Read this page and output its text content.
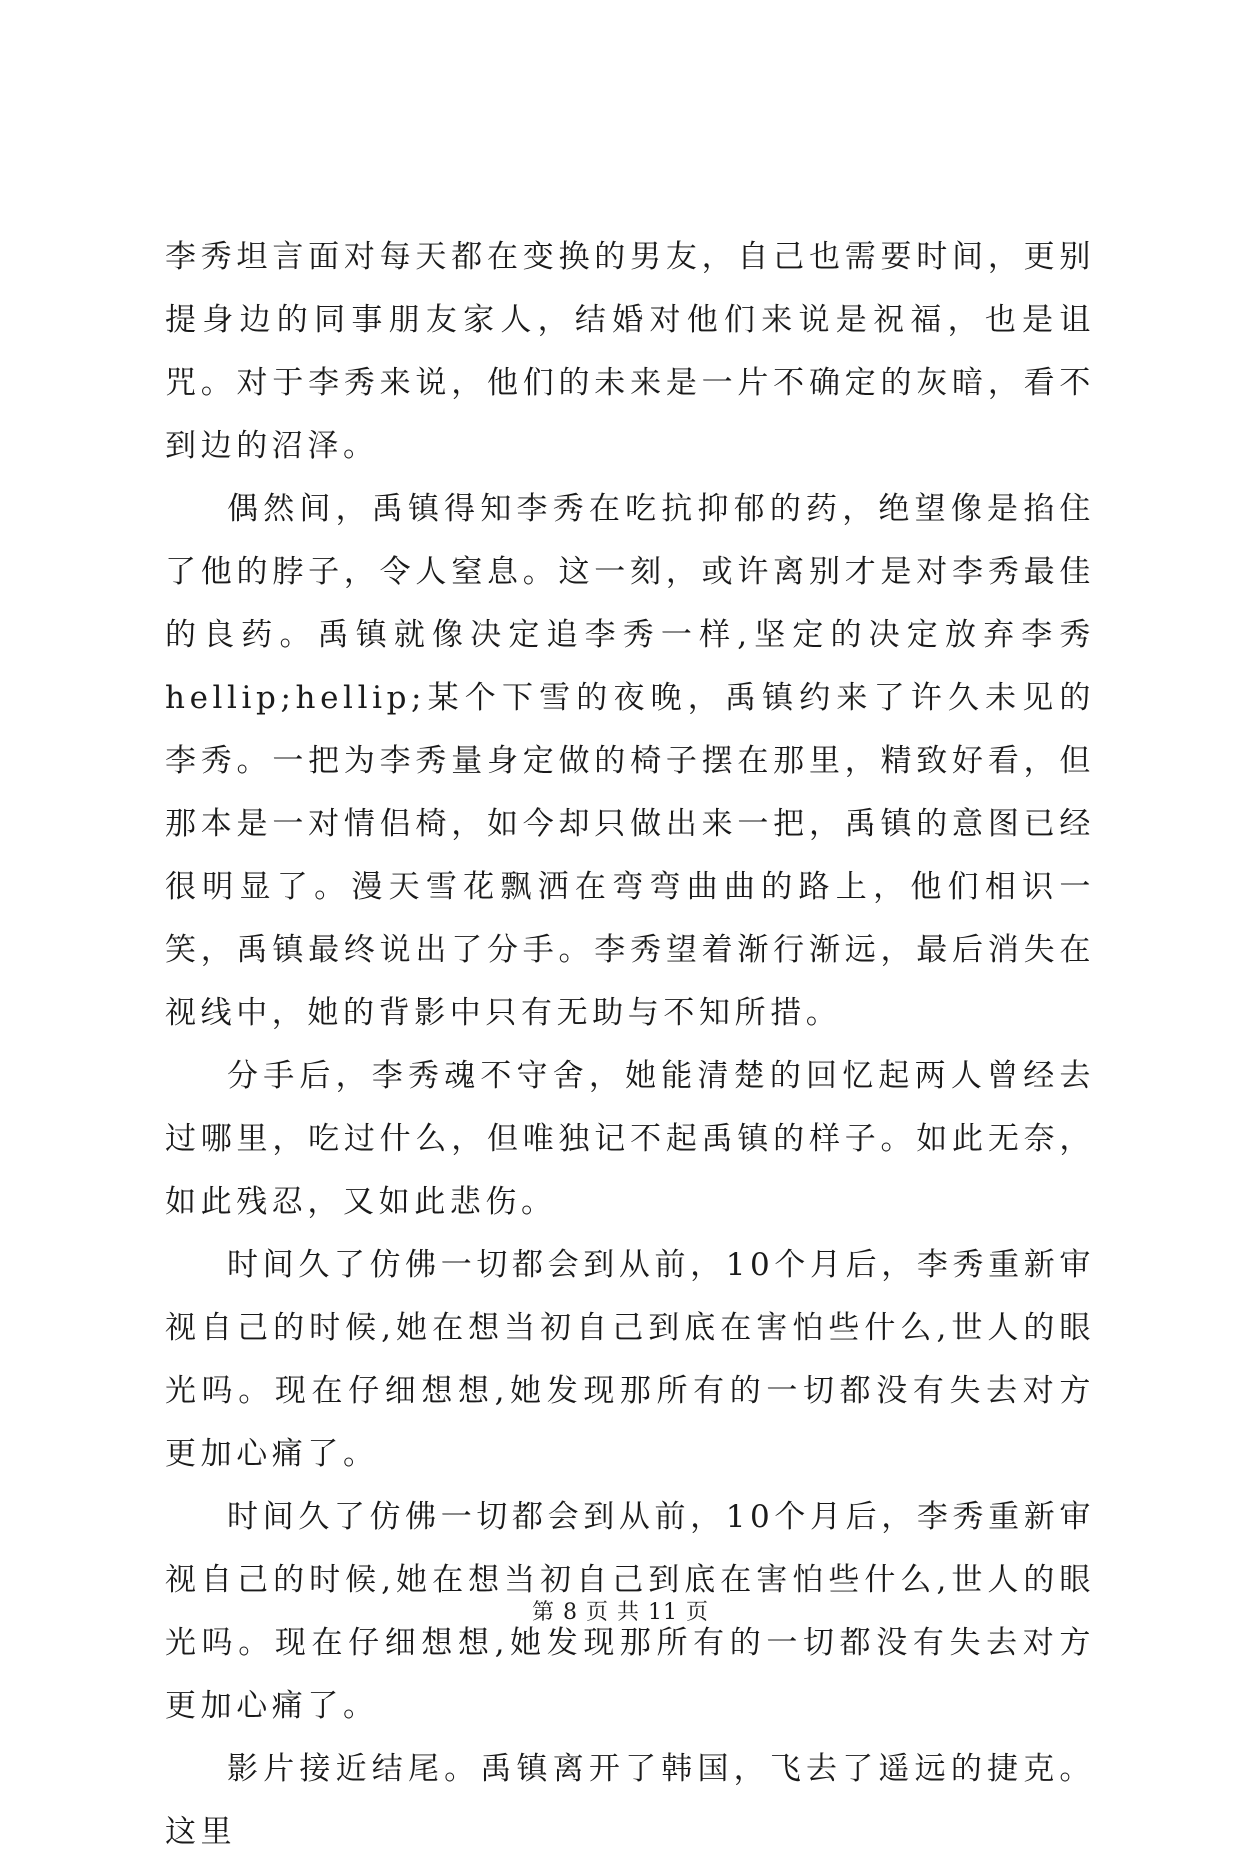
李秀坦言面对每天都在变换的男友，自己也需要时间，更别提身边的同事朋友家人，结婚对他们来说是祝福，也是诅咒。对于李秀来说，他们的未来是一片不确定的灰暗，看不到边的沼泽。

偶然间，禹镇得知李秀在吃抗抑郁的药，绝望像是掐住了他的脖子，令人窒息。这一刻，或许离别才是对李秀最佳的良药。禹镇就像决定追李秀一样,坚定的决定放弃李秀hellip;hellip;某个下雪的夜晚，禹镇约来了许久未见的李秀。一把为李秀量身定做的椅子摆在那里，精致好看，但那本是一对情侣椅，如今却只做出来一把，禹镇的意图已经很明显了。漫天雪花飘洒在弯弯曲曲的路上，他们相识一笑，禹镇最终说出了分手。李秀望着渐行渐远，最后消失在视线中，她的背影中只有无助与不知所措。

分手后，李秀魂不守舍，她能清楚的回忆起两人曾经去过哪里，吃过什么，但唯独记不起禹镇的样子。如此无奈，如此残忍，又如此悲伤。

时间久了仿佛一切都会到从前，10个月后，李秀重新审视自己的时候,她在想当初自己到底在害怕些什么,世人的眼光吗。现在仔细想想,她发现那所有的一切都没有失去对方更加心痛了。

时间久了仿佛一切都会到从前，10个月后，李秀重新审视自己的时候,她在想当初自己到底在害怕些什么,世人的眼光吗。现在仔细想想,她发现那所有的一切都没有失去对方更加心痛了。

影片接近结尾。禹镇离开了韩国，飞去了遥远的捷克。这里

第 8 页 共 11 页
